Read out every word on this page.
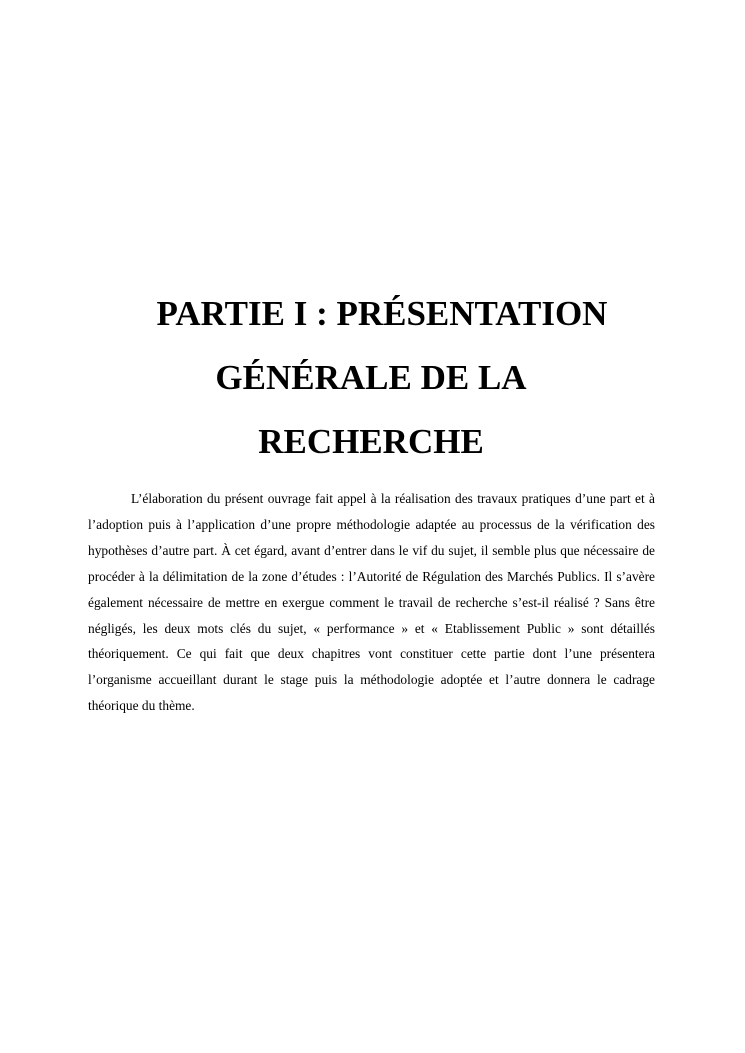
PARTIE I : PRÉSENTATION
GÉNÉRALE DE LA
RECHERCHE

L’élaboration du présent ouvrage fait appel à la réalisation des travaux pratiques d’une part et à l’adoption puis à l’application d’une propre méthodologie adaptée au processus de la vérification des hypothèses d’autre part. À cet égard, avant d’entrer dans le vif du sujet, il semble plus que nécessaire de procéder à la délimitation de la zone d’études : l’Autorité de Régulation des Marchés Publics. Il s’avère également nécessaire de mettre en exergue comment le travail de recherche s’est-il réalisé ? Sans être négligés, les deux mots clés du sujet, « performance » et « Etablissement Public » sont détaillés théoriquement. Ce qui fait que deux chapitres vont constituer cette partie dont l’une présentera l’organisme accueillant durant le stage puis la méthodologie adoptée et l’autre donnera le cadrage théorique du thème.
